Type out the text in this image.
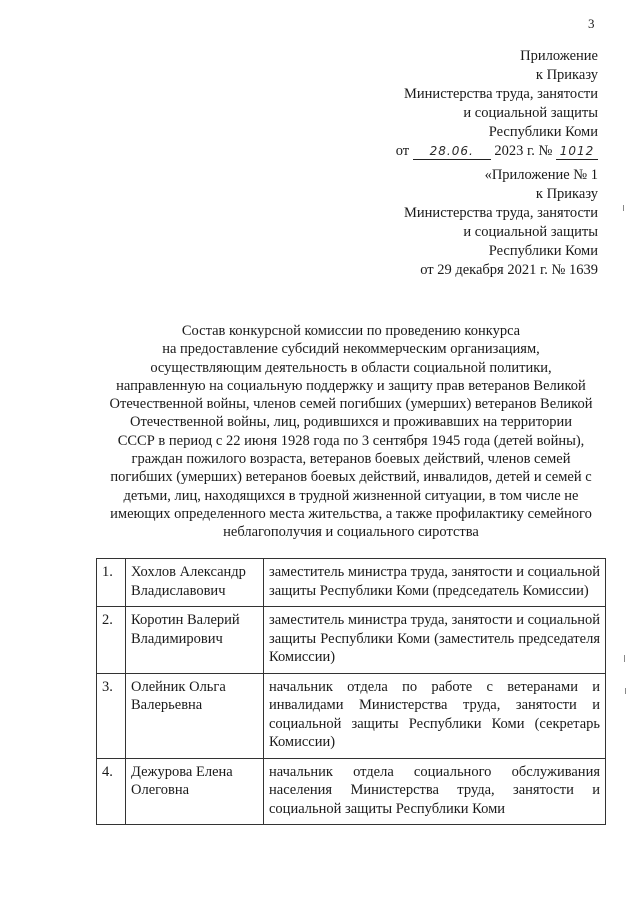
3
Приложение
к Приказу
Министерства труда, занятости
и социальной защиты
Республики Коми
от 28.06. 2023 г. № 1012
«Приложение № 1
к Приказу
Министерства труда, занятости
и социальной защиты
Республики Коми
от 29 декабря 2021 г. № 1639
Состав конкурсной комиссии по проведению конкурса
на предоставление субсидий некоммерческим организациям,
осуществляющим деятельность в области социальной политики,
направленную на социальную поддержку и защиту прав ветеранов Великой
Отечественной войны, членов семей погибших (умерших) ветеранов Великой
Отечественной войны, лиц, родившихся и проживавших на территории
СССР в период с 22 июня 1928 года по 3 сентября 1945 года (детей войны),
граждан пожилого возраста, ветеранов боевых действий, членов семей
погибших (умерших) ветеранов боевых действий, инвалидов, детей и семей с
детьми, лиц, находящихся в трудной жизненной ситуации, в том числе не
имеющих определенного места жительства, а также профилактику семейного
неблагополучия и социального сиротства
1.	Хохлов Александр Владиславович	заместитель министра труда, занятости и социальной защиты Республики Коми (председатель Комиссии)
2.	Коротин Валерий Владимирович	заместитель министра труда, занятости и социальной защиты Республики Коми (заместитель председателя Комиссии)
3.	Олейник Ольга Валерьевна	начальник отдела по работе с ветеранами и инвалидами Министерства труда, занятости и социальной защиты Республики Коми (секретарь Комиссии)
4.	Дежурова Елена Олеговна	начальник отдела социального обслуживания населения Министерства труда, занятости и социальной защиты Республики Коми
